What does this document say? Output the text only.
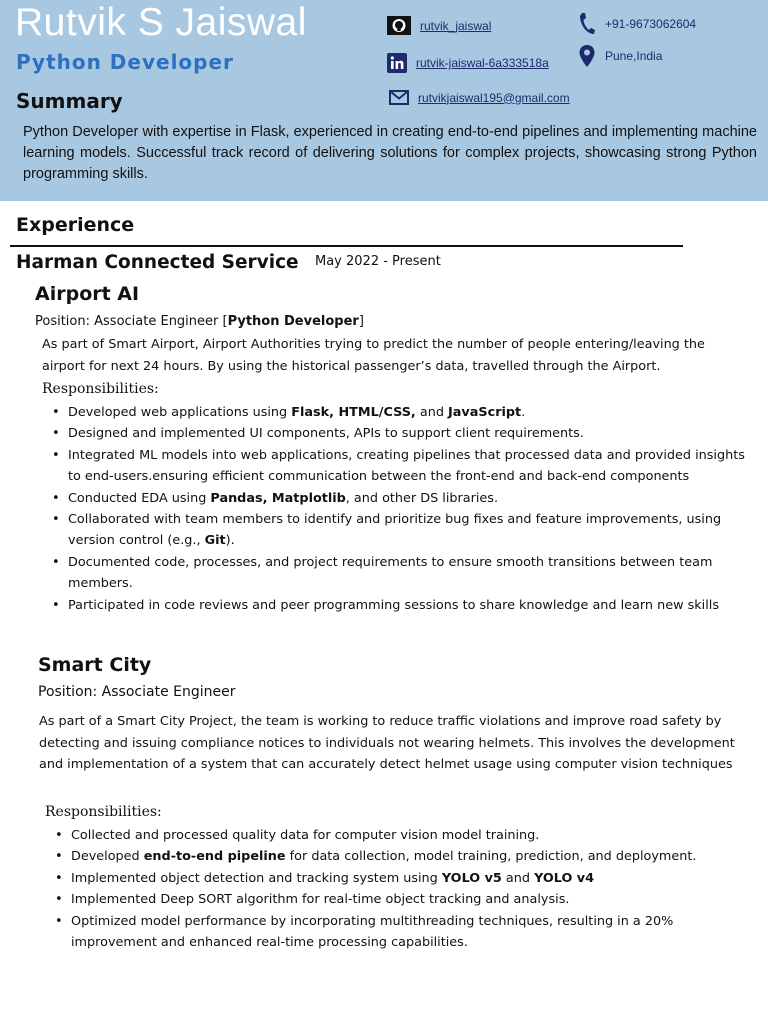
Rutvik S Jaiswal
Python Developer
Summary
Python Developer with expertise in Flask, experienced in creating end-to-end pipelines and implementing machine learning models. Successful track record of delivering solutions for complex projects, showcasing strong Python programming skills.
rutvik_jaiswal
rutvik-jaiswal-6a333518a
rutvikjaiswal195@gmail.com
+91-9673062604
Pune,India
Experience
Harman Connected Service May 2022 - Present
Airport AI
Position: Associate Engineer [Python Developer]
As part of Smart Airport, Airport Authorities trying to predict the number of people entering/leaving the airport for next 24 hours. By using the historical passenger’s data, travelled through the Airport.
Responsibilities:
• Developed web applications using Flask, HTML/CSS, and JavaScript.
• Designed and implemented UI components, APIs to support client requirements.
• Integrated ML models into web applications, creating pipelines that processed data and provided insights to end-users.ensuring efficient communication between the front-end and back-end components
• Conducted EDA using Pandas, Matplotlib, and other DS libraries.
• Collaborated with team members to identify and prioritize bug fixes and feature improvements, using version control (e.g., Git).
• Documented code, processes, and project requirements to ensure smooth transitions between team members.
• Participated in code reviews and peer programming sessions to share knowledge and learn new skills
Smart City
Position: Associate Engineer
As part of a Smart City Project, the team is working to reduce traffic violations and improve road safety by detecting and issuing compliance notices to individuals not wearing helmets. This involves the development and implementation of a system that can accurately detect helmet usage using computer vision techniques
Responsibilities:
• Collected and processed quality data for computer vision model training.
• Developed end-to-end pipeline for data collection, model training, prediction, and deployment.
• Implemented object detection and tracking system using YOLO v5 and YOLO v4
• Implemented Deep SORT algorithm for real-time object tracking and analysis.
• Optimized model performance by incorporating multithreading techniques, resulting in a 20% improvement and enhanced real-time processing capabilities.
